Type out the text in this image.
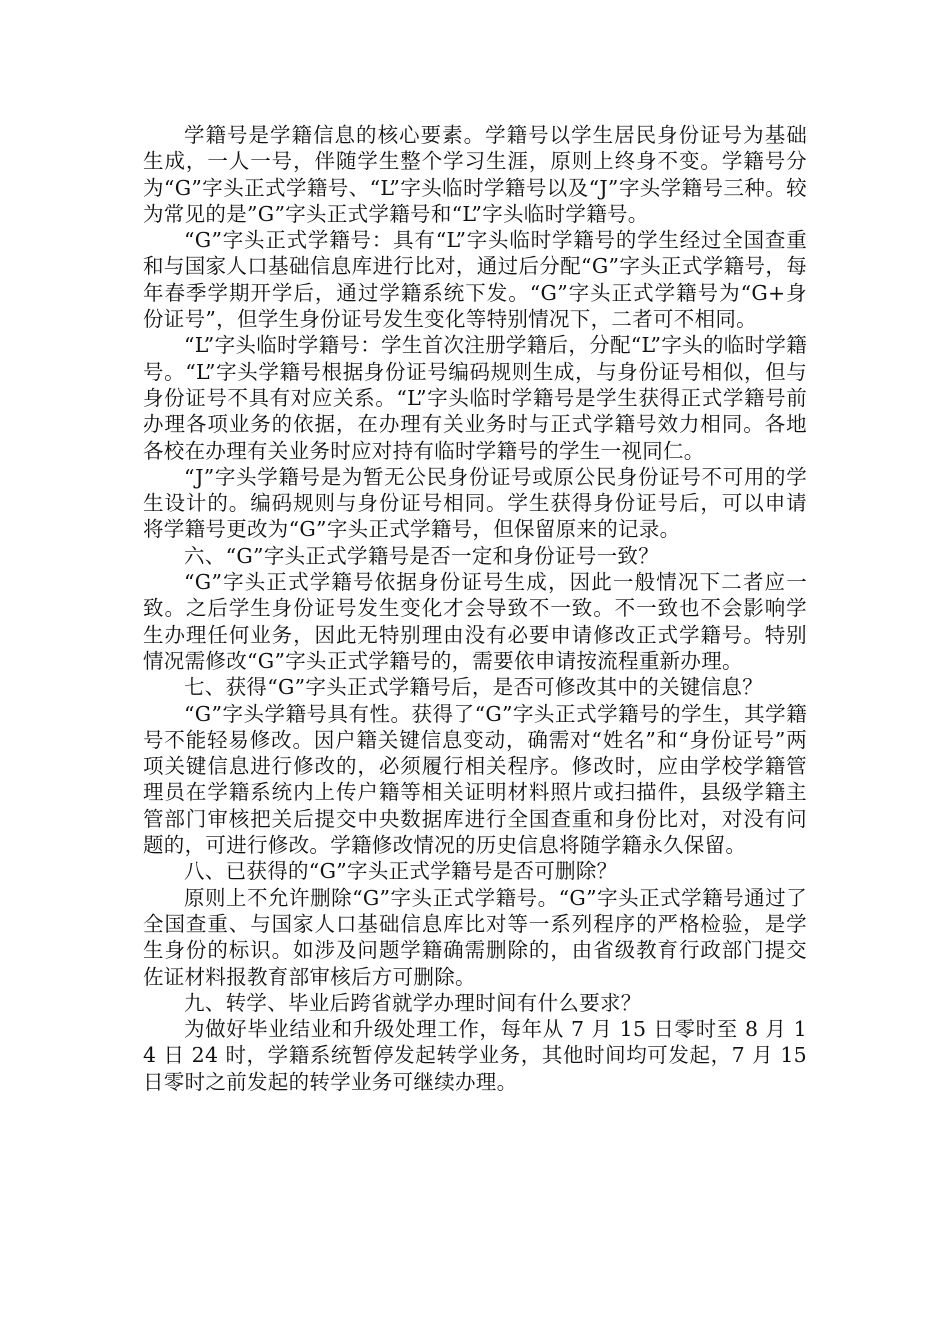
学籍号是学籍信息的核心要素。学籍号以学生居民身份证号为基础生成，一人一号，伴随学生整个学习生涯，原则上终身不变。学籍号分为“G”字头正式学籍号、“L”字头临时学籍号以及“J”字头学籍号三种。较为常见的是”G”字头正式学籍号和“L”字头临时学籍号。

“G”字头正式学籍号：具有“L”字头临时学籍号的学生经过全国查重和与国家人口基础信息库进行比对，通过后分配“G”字头正式学籍号，每年春季学期开学后，通过学籍系统下发。“G”字头正式学籍号为“G+身份证号”，但学生身份证号发生变化等特别情况下，二者可不相同。

“L”字头临时学籍号：学生首次注册学籍后，分配“L”字头的临时学籍号。“L”字头学籍号根据身份证号编码规则生成，与身份证号相似，但与身份证号不具有对应关系。“L”字头临时学籍号是学生获得正式学籍号前办理各项业务的依据，在办理有关业务时与正式学籍号效力相同。各地各校在办理有关业务时应对持有临时学籍号的学生一视同仁。

“J”字头学籍号是为暂无公民身份证号或原公民身份证号不可用的学生设计的。编码规则与身份证号相同。学生获得身份证号后，可以申请将学籍号更改为“G”字头正式学籍号，但保留原来的记录。

六、“G”字头正式学籍号是否一定和身份证号一致？

“G”字头正式学籍号依据身份证号生成，因此一般情况下二者应一致。之后学生身份证号发生变化才会导致不一致。不一致也不会影响学生办理任何业务，因此无特别理由没有必要申请修改正式学籍号。特别情况需修改“G”字头正式学籍号的，需要依申请按流程重新办理。

七、获得“G”字头正式学籍号后，是否可修改其中的关键信息？

“G”字头学籍号具有性。获得了“G”字头正式学籍号的学生，其学籍号不能轻易修改。因户籍关键信息变动，确需对“姓名”和“身份证号”两项关键信息进行修改的，必须履行相关程序。修改时，应由学校学籍管理员在学籍系统内上传户籍等相关证明材料照片或扫描件，县级学籍主管部门审核把关后提交中央数据库进行全国查重和身份比对，对没有问题的，可进行修改。学籍修改情况的历史信息将随学籍永久保留。

八、已获得的“G”字头正式学籍号是否可删除？

原则上不允许删除“G”字头正式学籍号。“G”字头正式学籍号通过了全国查重、与国家人口基础信息库比对等一系列程序的严格检验，是学生身份的标识。如涉及问题学籍确需删除的，由省级教育行政部门提交佐证材料报教育部审核后方可删除。

九、转学、毕业后跨省就学办理时间有什么要求？

为做好毕业结业和升级处理工作，每年从 7 月 15 日零时至 8 月 14 日 24 时，学籍系统暂停发起转学业务，其他时间均可发起，7 月 15 日零时之前发起的转学业务可继续办理。
